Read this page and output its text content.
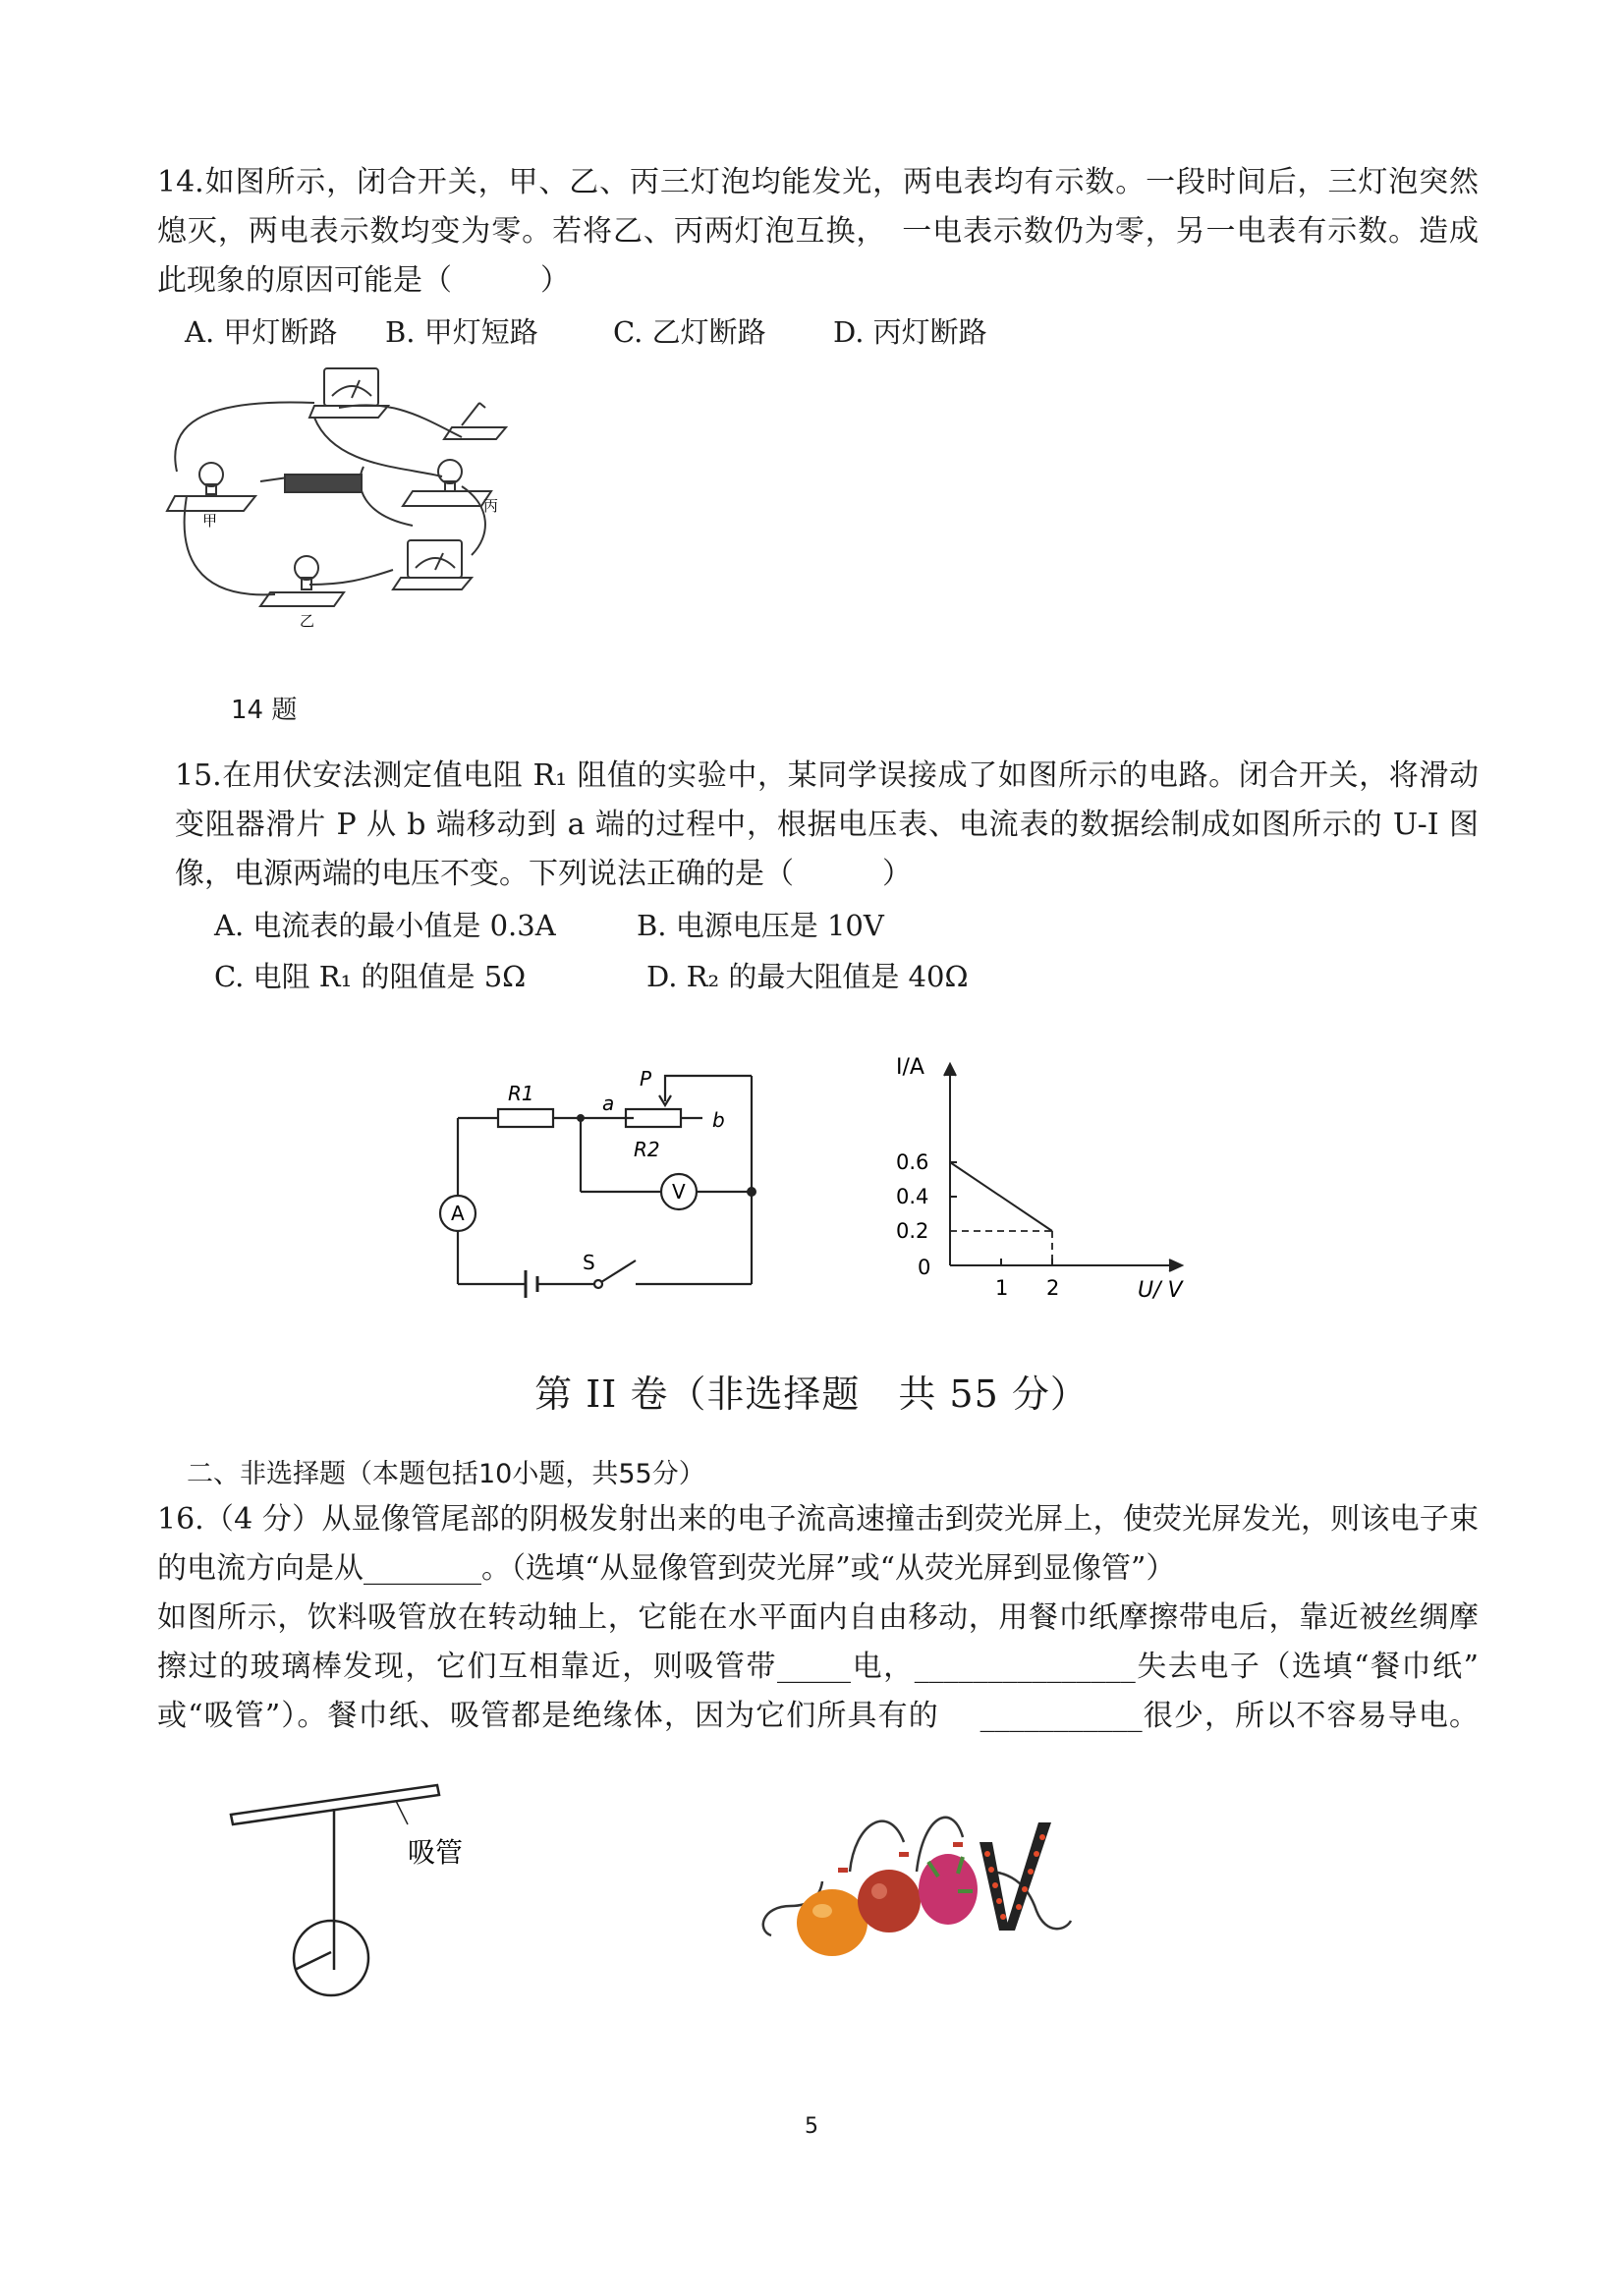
14.如图所示，闭合开关，甲、乙、丙三灯泡均能发光，两电表均有示数。一段时间后，三灯泡突然
熄灭，两电表示数均变为零。若将乙、丙两灯泡互换，　一电表示数仍为零，另一电表有示数。造成
此现象的原因可能是（　　　）
A. 甲灯断路 B. 甲灯短路	C. 乙灯断路 D. 丙灯断路
甲
乙
丙
14 题
15.在用伏安法测定值电阻 R₁ 阻值的实验中，某同学误接成了如图所示的电路。闭合开关，将滑动
变阻器滑片 P 从 b 端移动到 a 端的过程中，根据电压表、电流表的数据绘制成如图所示的 U-I 图
像，电源两端的电压不变。下列说法正确的是（　　　）
A. 电流表的最小值是 0.3A	B. 电源电压是 10V
C. 电阻 R₁ 的阻值是 5Ω	D. R₂ 的最大阻值是 40Ω
R1	a
P
b
R2
A
V
S
1 2
0.6
0.4
0.2
I/A
U/ V
0
第 II 卷（非选择题　共 55 分）
二、非选择题（本题包括10小题，共55分）
16.（4 分）从显像管尾部的阴极发射出来的电子流高速撞击到荧光屏上，使荧光屏发光，则该电子束
的电流方向是从________。（选填“从显像管到荧光屏”或“从荧光屏到显像管”）
如图所示，饮料吸管放在转动轴上，它能在水平面内自由移动，用餐巾纸摩擦带电后，靠近被丝绸摩
擦过的玻璃棒发现，它们互相靠近，则吸管带_____电，_______________失去电子（选填“餐巾纸”
或“吸管”）。餐巾纸、吸管都是绝缘体，因为它们所具有的　 ___________很少，所以不容易导电。
吸管
5
